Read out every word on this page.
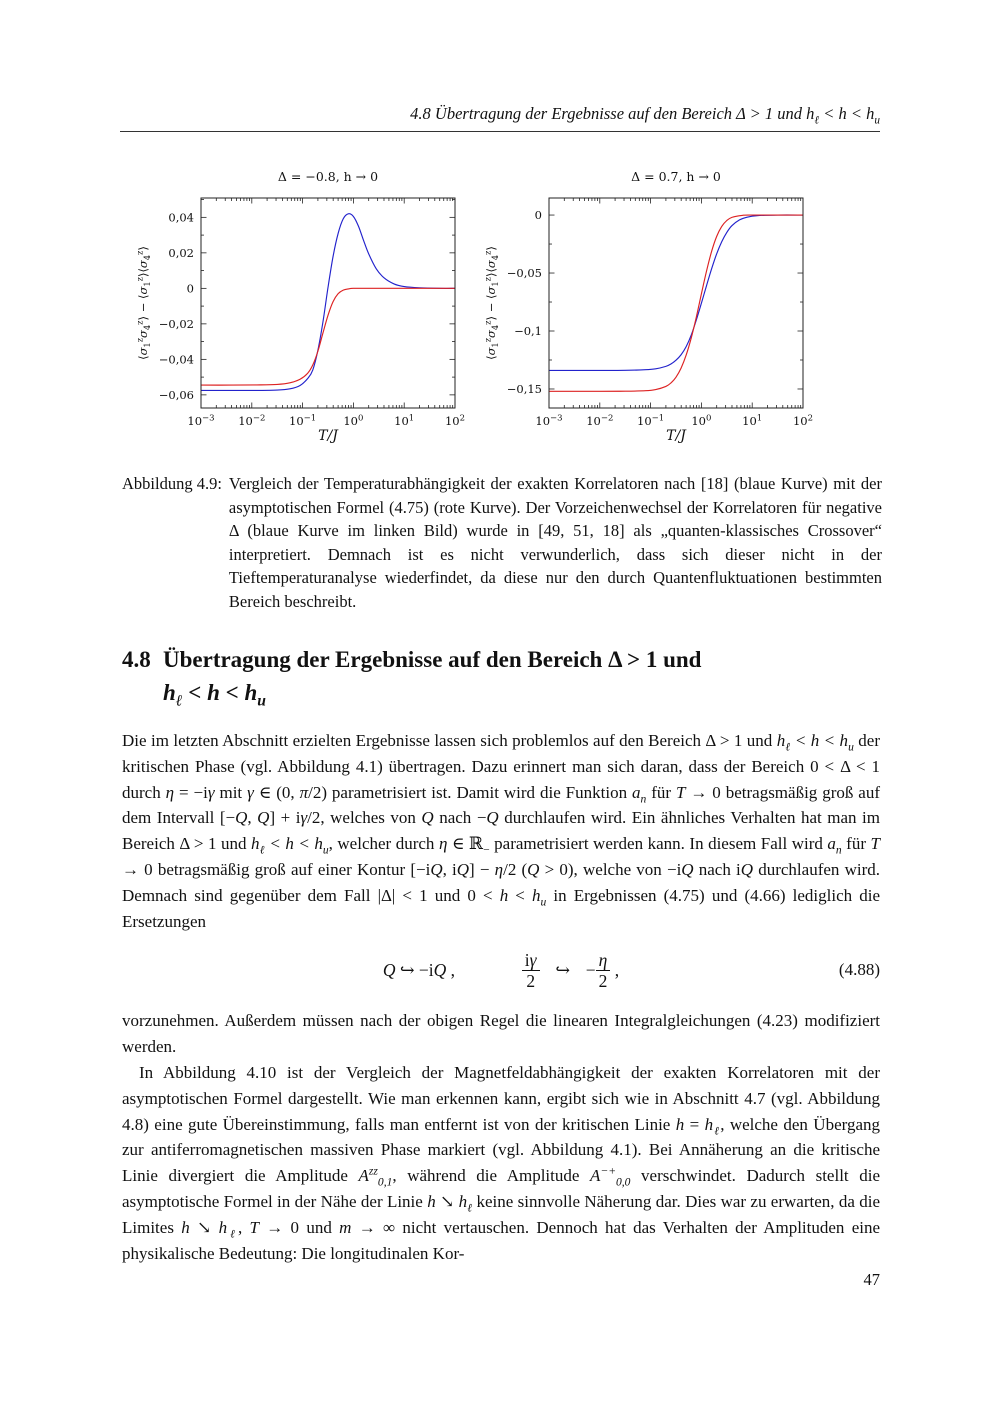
4.8 Übertragung der Ergebnisse auf den Bereich Δ > 1 und $h_\ell < h < h_u$
$10^{-3}$ $10^{-2}$ $10^{-1}$ $10^0$	$10^1$	$10^2$
0,04
0,02
0
−0,02
−0,04
−0,06
Δ = −0.8, h → 0
T/J
$⟨\sigma_1^z\sigma_4^z⟩$ − $⟨\sigma_1^z⟩⟨\sigma_4^z⟩$
$10^{-3}$ $10^{-2}$ $10^{-1}$ $10^0$	$10^1$	$10^2$
0
−0,05
−0,1
−0,15
Δ = 0.7, h → 0
T/J
$⟨\sigma_1^z\sigma_4^z⟩$ − $⟨\sigma_1^z⟩⟨\sigma_4^z⟩$
Abbildung 4.9: Vergleich der Temperaturabhängigkeit der exakten Korrelatoren nach [18] (blaue Kurve) mit der asymptotischen Formel (4.75) (rote Kurve). Der Vorzeichenwechsel der Korrelatoren für negative Δ (blaue Kurve im linken Bild) wurde in [49, 51, 18] als „quanten-klassisches Crossover“ interpretiert. Demnach ist es nicht verwunderlich, dass sich dieser nicht in der Tieftemperaturanalyse wiederfindet, da diese nur den durch Quantenfluktuationen bestimmten Bereich beschreibt.
4.8 Übertragung der Ergebnisse auf den Bereich Δ > 1 und
$h_\ell < h < h_u$

Die im letzten Abschnitt erzielten Ergebnisse lassen sich problemlos auf den Bereich Δ > 1 und $h_\ell < h < h_u$ der kritischen Phase (vgl. Abbildung 4.1) übertragen. Dazu erinnert man sich daran, dass der Bereich 0 < Δ < 1 durch η = −iγ mit γ ∈ (0, π/2) parametrisiert ist. Damit wird die Funktion $a_n$ für T → 0 betragsmäßig groß auf dem Intervall [−Q, Q] + iγ/2, welches von Q nach −Q durchlaufen wird. Ein ähnliches Verhalten hat man im Bereich Δ > 1 und $h_\ell < h < h_u$, welcher durch η ∈ ℝ$_-$ parametrisiert werden kann. In diesem Fall wird $a_n$ für T → 0 betragsmäßig groß auf einer Kontur [−iQ, iQ] − η/2 (Q > 0), welche von −iQ nach iQ durchlaufen wird. Demnach sind gegenüber dem Fall |Δ| < 1 und $0 < h < h_u$ in Ergebnissen (4.75) und (4.66) lediglich die Ersetzungen

Q ↪ −iQ ,	$\frac{i\gamma}{2}$ ↪ − $\frac{\eta}{2}$ ,	(4.88)

vorzunehmen. Außerdem müssen nach der obigen Regel die linearen Integralgleichungen (4.23) modifiziert werden.

In Abbildung 4.10 ist der Vergleich der Magnetfeldabhängigkeit der exakten Korrelatoren mit der asymptotischen Formel dargestellt. Wie man erkennen kann, ergibt sich wie in Abschnitt 4.7 (vgl. Abbildung 4.8) eine gute Übereinstimmung, falls man entfernt ist von der kritischen Linie $h = h_\ell$, welche den Übergang zur antiferromagnetischen massiven Phase markiert (vgl. Abbildung 4.1). Bei Annäherung an die kritische Linie divergiert die Amplitude $A^{zz}_{0,1}$, während die Amplitude $A^{-+}_{0,0}$ verschwindet. Dadurch stellt die asymptotische Formel in der Nähe der Linie h ↘ $h_\ell$ keine sinnvolle Näherung dar. Dies war zu erwarten, da die Limites h ↘ $h_\ell$, T → 0 und m → ∞ nicht vertauschen. Dennoch hat das Verhalten der Amplituden eine physikalische Bedeutung: Die longitudinalen Kor-

47
